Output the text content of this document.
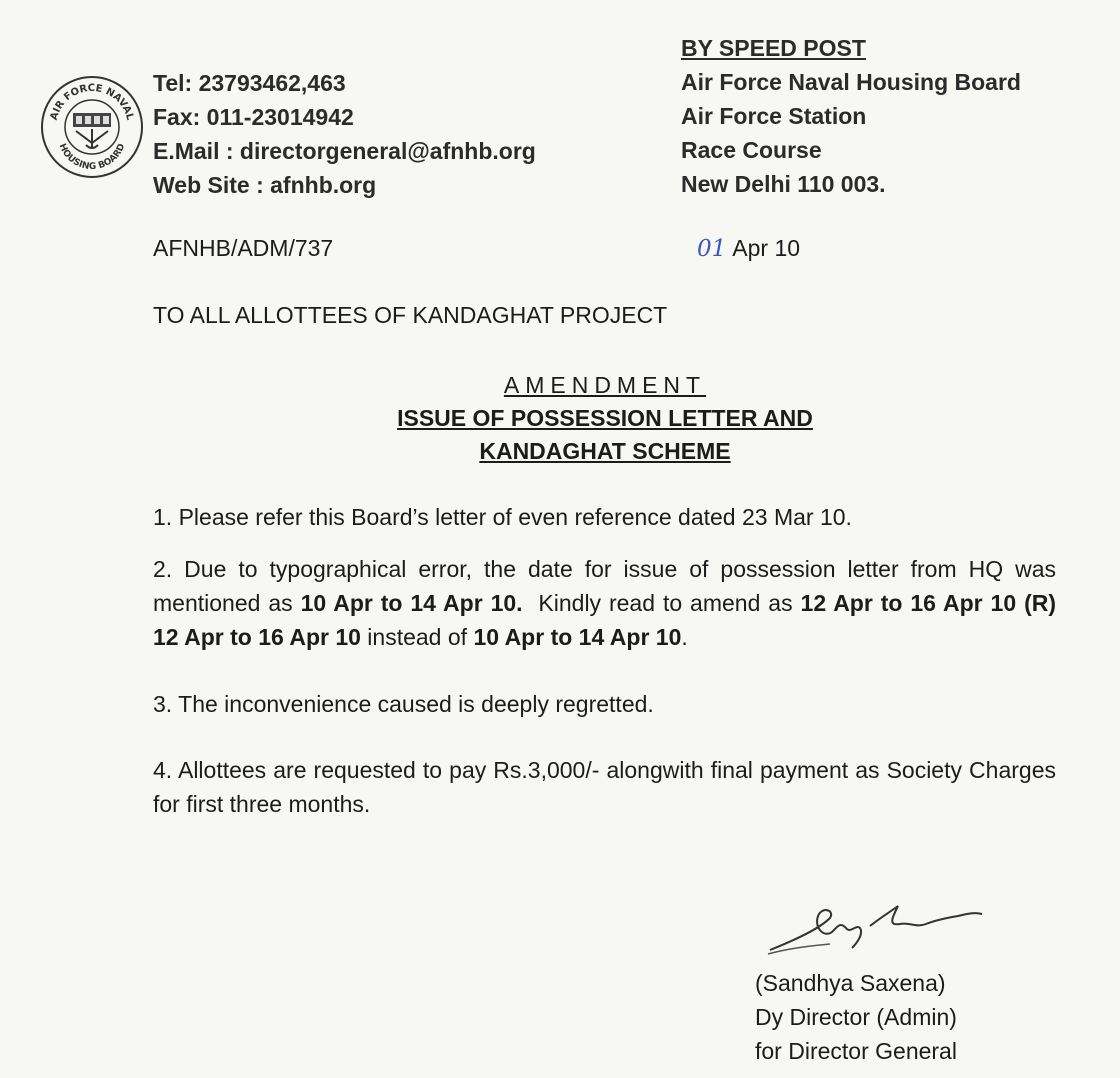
AIR FORCE NAVAL
HOUSING BOARD
Tel: 23793462,463
Fax: 011-23014942
E.Mail : directorgeneral@afnhb.org
Web Site : afnhb.org
BY SPEED POST
Air Force Naval Housing Board
Air Force Station
Race Course
New Delhi 110 003.
AFNHB/ADM/737	01 Apr 10
TO ALL ALLOTTEES OF KANDAGHAT PROJECT
AMENDMENT
ISSUE OF POSSESSION LETTER AND
KANDAGHAT SCHEME
1. Please refer this Board’s letter of even reference dated 23 Mar 10.
2. Due to typographical error, the date for issue of possession letter from HQ was mentioned as 10 Apr to 14 Apr 10.  Kindly read to amend as 12 Apr to 16 Apr 10 (R) 12 Apr to 16 Apr 10 instead of 10 Apr to 14 Apr 10.
3. The inconvenience caused is deeply regretted.
4. Allottees are requested to pay Rs.3,000/- alongwith final payment as Society Charges for first three months.
(Sandhya Saxena)
Dy Director (Admin)
for Director General
